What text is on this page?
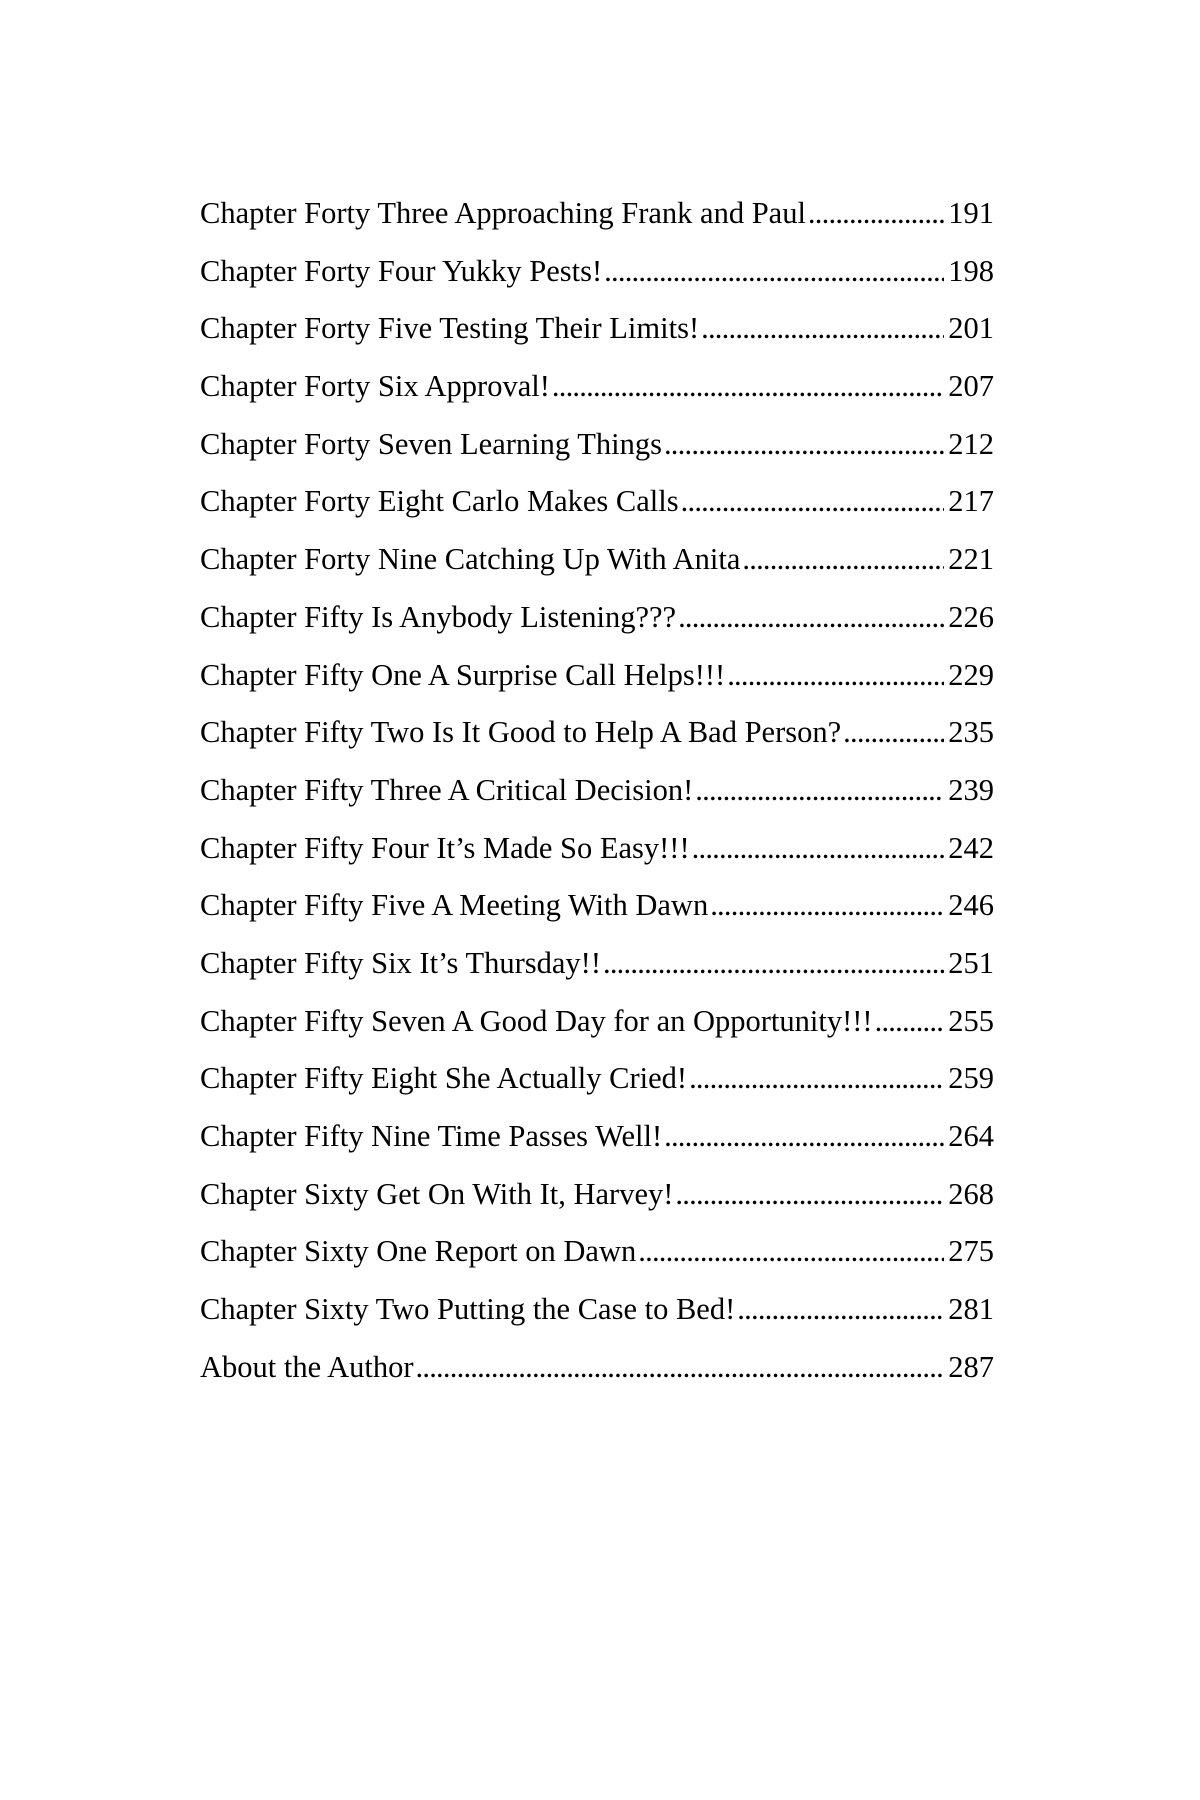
Chapter Forty Three Approaching Frank and Paul . . .	191
Chapter Forty Four Yukky Pests! . . .	198
Chapter Forty Five Testing Their Limits! . . .	201
Chapter Forty Six Approval! . . .	207
Chapter Forty Seven Learning Things . . .	212
Chapter Forty Eight Carlo Makes Calls . . .	217
Chapter Forty Nine Catching Up With Anita . . .	221
Chapter Fifty Is Anybody Listening??? . . .	226
Chapter Fifty One A Surprise Call Helps!!! . . .	229
Chapter Fifty Two Is It Good to Help A Bad Person? . . .	235
Chapter Fifty Three A Critical Decision! . . .	239
Chapter Fifty Four It’s Made So Easy!!! . . .	242
Chapter Fifty Five A Meeting With Dawn . . .	246
Chapter Fifty Six It’s Thursday!! . . .	251
Chapter Fifty Seven A Good Day for an Opportunity!!! . . . 255
Chapter Fifty Eight She Actually Cried! . . .	259
Chapter Fifty Nine Time Passes Well! . . .	264
Chapter Sixty Get On With It, Harvey! . . .	268
Chapter Sixty One Report on Dawn . . .	275
Chapter Sixty Two Putting the Case to Bed! . . .	281
About the Author . . .	287
